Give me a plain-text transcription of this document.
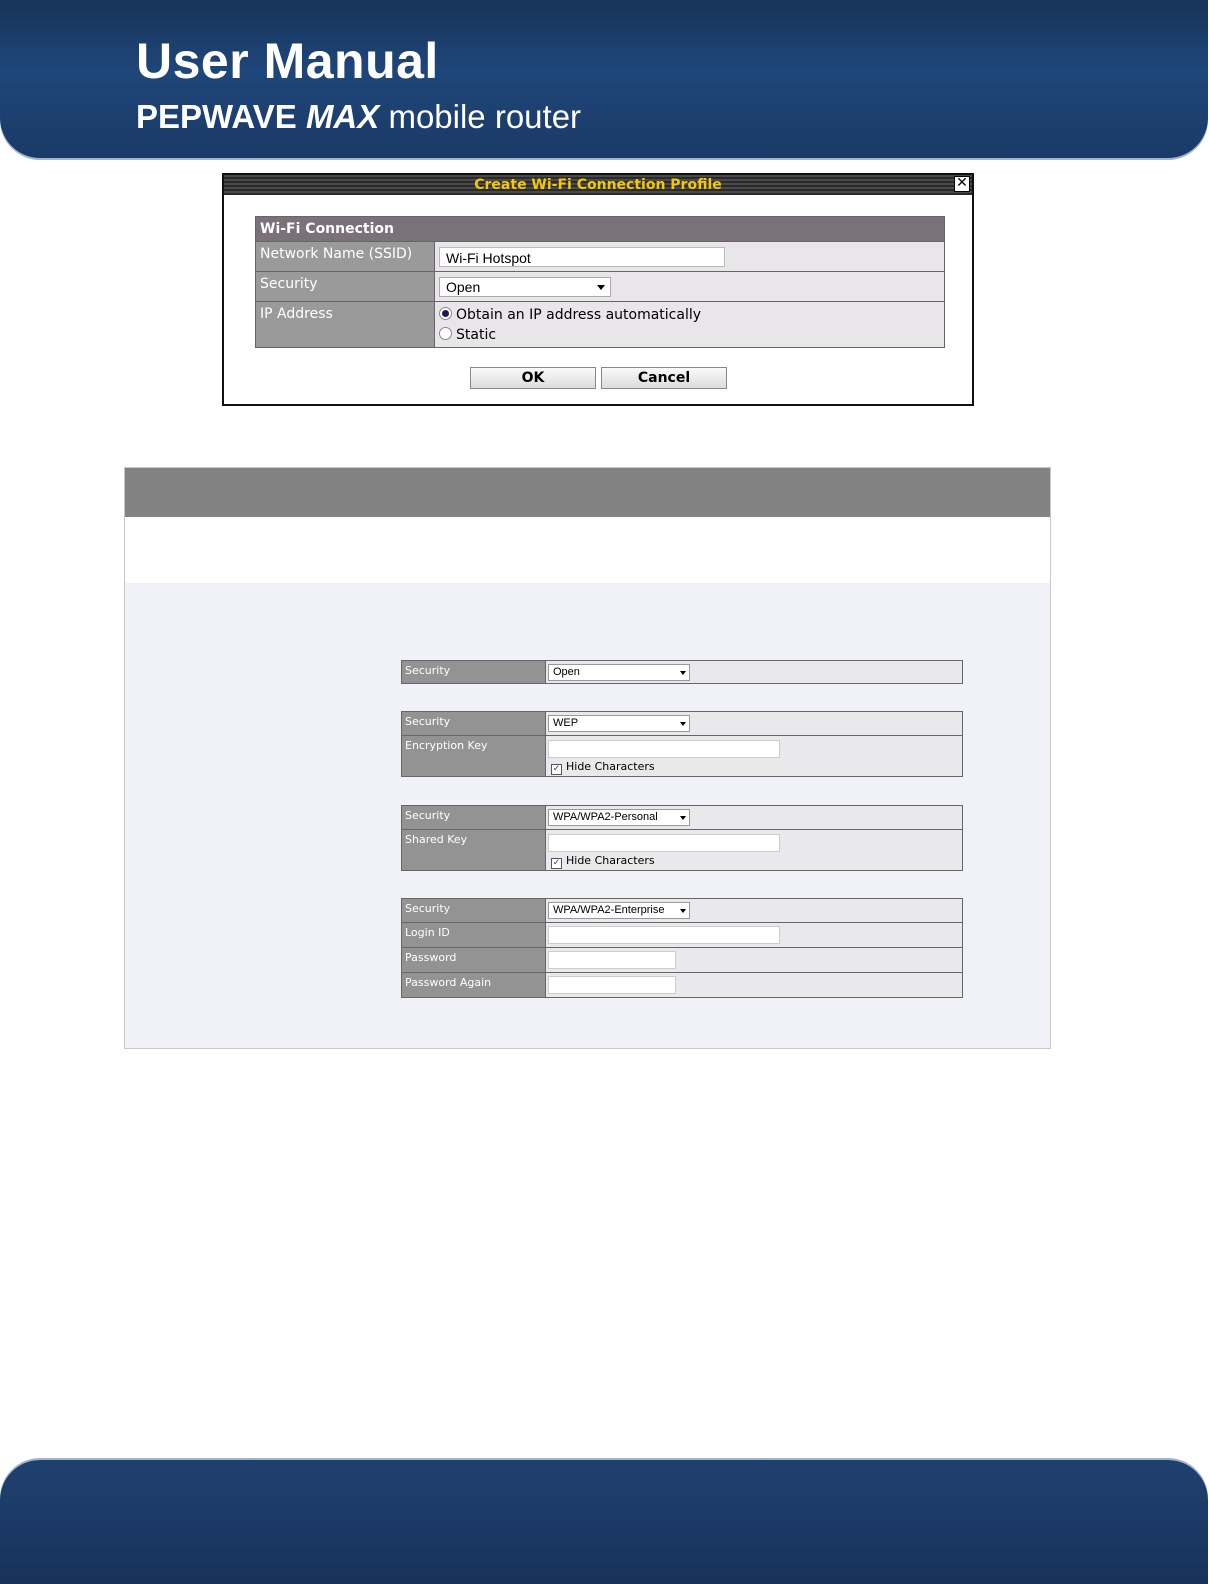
User Manual
PEPWAVE MAX mobile router
Create Wi-Fi Connection Profile	✕
Wi-Fi Connection	
Network Name (SSID)	Wi-Fi Hotspot

Security	Open

IP Address	Obtain an IP address automatically
Static
OK	Cancel
Security	Open
Security	WEP

Encryption Key	✓ Hide Characters
Security	WPA/WPA2-Personal

Shared Key	✓ Hide Characters
Security	WPA/WPA2-Enterprise

Login ID	

Password	

Password Again	
